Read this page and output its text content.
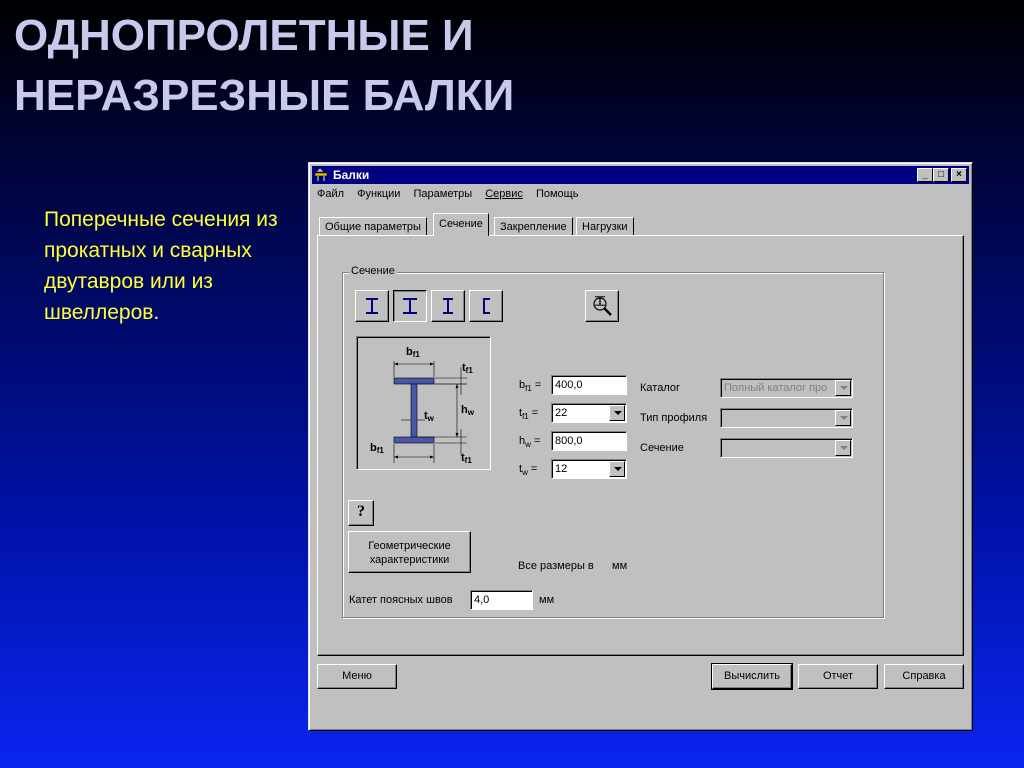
ОДНОПРОЛЕТНЫЕ И
НЕРАЗРЕЗНЫЕ БАЛКИ
Поперечные сечения из прокатных и сварных двутавров или из швеллеров.
Балки	_	□	×
Файл Функции Параметры Сервис Помощь
Общие параметры	Сечение	Закрепление	Нагрузки
Сечение
bf1
tf1
tw
hw
bf1
tf1
$b_{f1}$ =	400,0
$t_{f1}$ =	22
$h_w$ =	800,0
$t_w$ =	12
Каталог	Полный каталог про
Тип профиля
Сечение
?
Геометрические
характеристики	Все размеры в мм
Катет поясных швов	4,0	мм
Меню	Вычислить	Отчет	Справка
